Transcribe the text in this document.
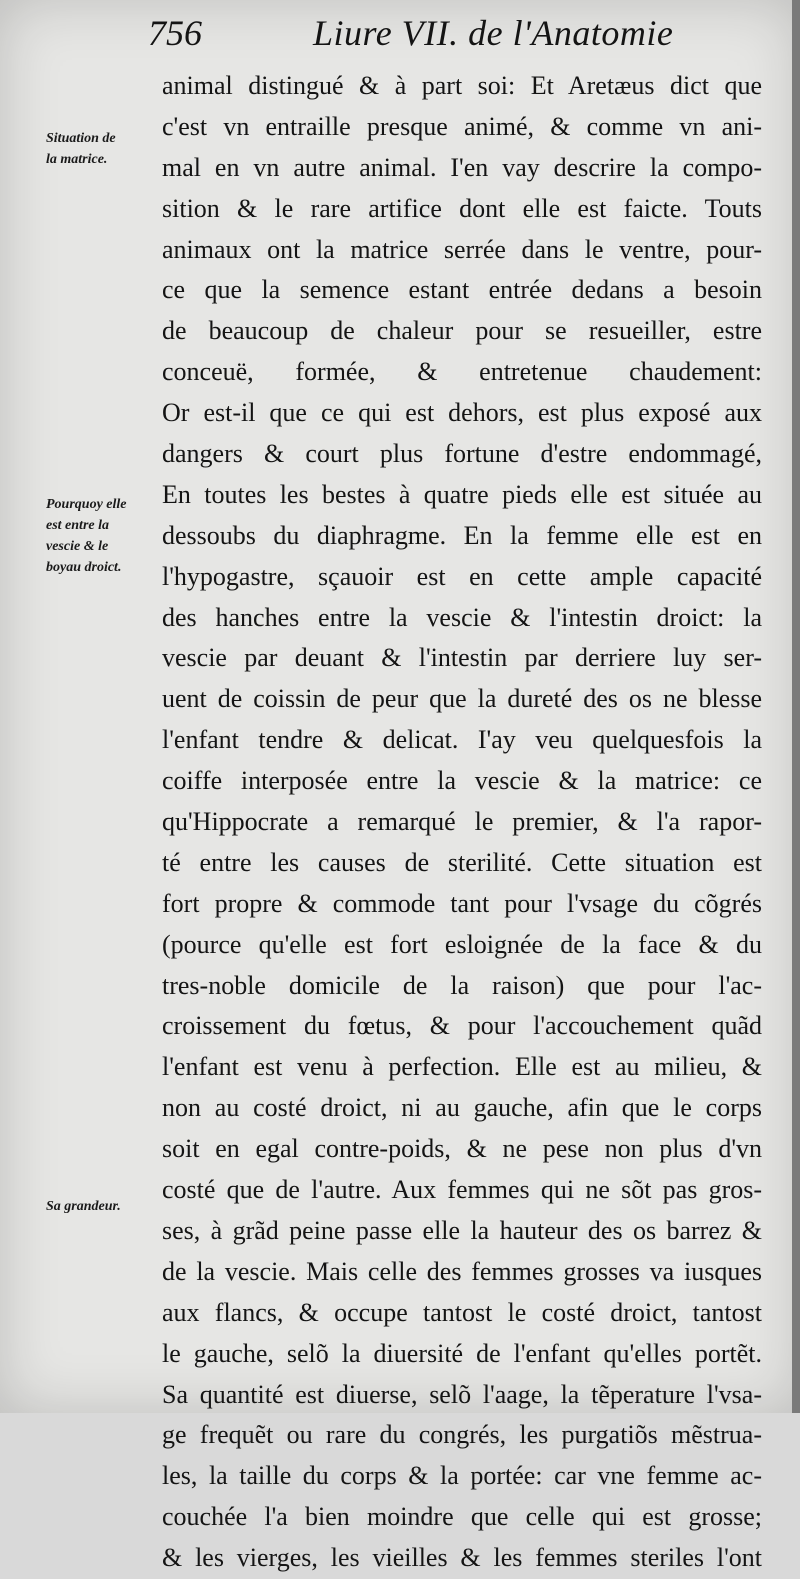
756	Liure VII. de l'Anatomie
Situation de
la matrice.
Pourquoy elle
est entre la
vescie & le
boyau droict.
Sa grandeur.
animal distingué & à part soi: Et Aretæus dict que
c'est vn entraille presque animé, & comme vn ani-
mal en vn autre animal. I'en vay descrire la compo-
sition & le rare artifice dont elle est faicte. Touts
animaux ont la matrice serrée dans le ventre, pour-
ce que la semence estant entrée dedans a besoin
de beaucoup de chaleur pour se resueiller, estre
conceuë, formée, & entretenue chaudement:
Or est-il que ce qui est dehors, est plus exposé aux
dangers & court plus fortune d'estre endommagé,
En toutes les bestes à quatre pieds elle est située au
dessoubs du diaphragme. En la femme elle est en
l'hypogastre, sçauoir est en cette ample capacité
des hanches entre la vescie & l'intestin droict: la
vescie par deuant & l'intestin par derriere luy ser-
uent de coissin de peur que la dureté des os ne blesse
l'enfant tendre & delicat. I'ay veu quelquesfois la
coiffe interposée entre la vescie & la matrice: ce
qu'Hippocrate a remarqué le premier, & l'a rapor-
té entre les causes de sterilité. Cette situation est
fort propre & commode tant pour l'vsage du cõgrés
(pource qu'elle est fort esloignée de la face & du
tres-noble domicile de la raison) que pour l'ac-
croissement du fœtus, & pour l'accouchement quãd
l'enfant est venu à perfection. Elle est au milieu, &
non au costé droict, ni au gauche, afin que le corps
soit en egal contre-poids, & ne pese non plus d'vn
costé que de l'autre. Aux femmes qui ne sõt pas gros-
ses, à grãd peine passe elle la hauteur des os barrez &
de la vescie. Mais celle des femmes grosses va iusques
aux flancs, & occupe tantost le costé droict, tantost
le gauche, selõ la diuersité de l'enfant qu'elles portẽt.
Sa quantité est diuerse, selõ l'aage, la tẽperature l'vsa-
ge frequẽt ou rare du congrés, les purgatiõs mẽstrua-
les, la taille du corps & la portée: car vne femme ac-
couchée l'a bien moindre que celle qui est grosse;
& les vierges, les vieilles & les femmes steriles l'ont
